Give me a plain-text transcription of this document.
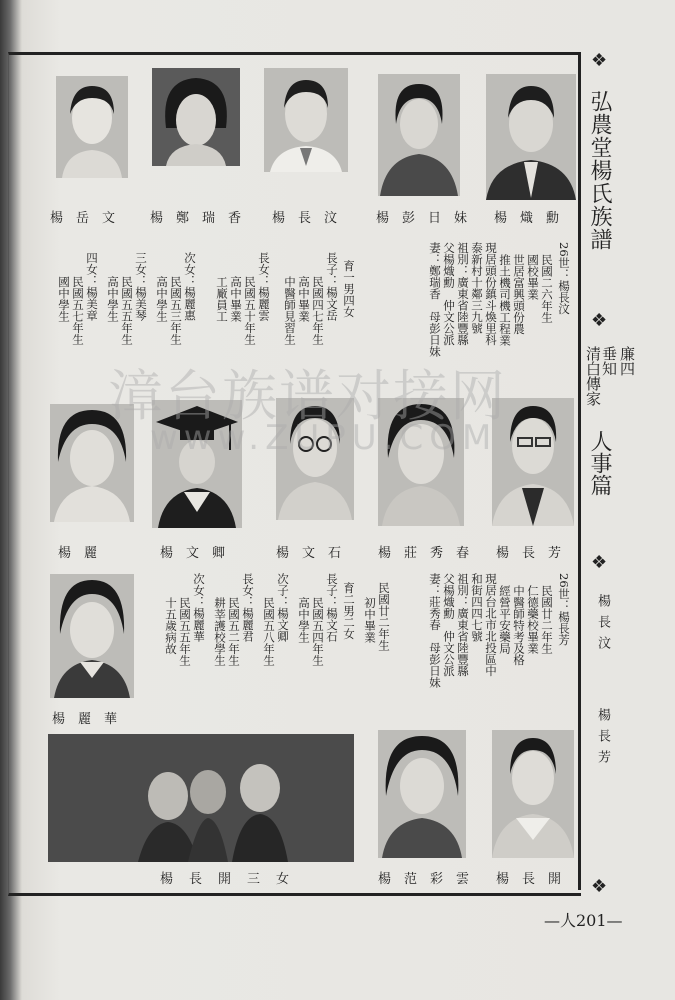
楊岳文 楊鄭瑞香 楊長汶 楊彭日妹 楊熾勳
26世：楊長汶
民國二六年生
國校畢業
世居富興頭份農
推土機司機工程業
現居頭份鎮斗煥里科
泰新村十鄰三九號
祖別：廣東省陸豐縣
父楊熾勳　仲文公派
妻：鄭瑞香　母彭日妹
育一男四女
長子：楊文岳
民國四七年生
高中畢業
中醫師見習生
長女：楊麗雲
民國五十年生
高中畢業
工廠員工
次女：楊麗惠
民國五三年生
高中學生
三女：楊美琴
民國五五年生
高中學生
四女：楊美章
民國五七年生
國中學生
楊長芳
楊莊秀春
楊文石
楊文卿
楊麗
26世：楊長芳
民國廿二年生
仁德藥校畢業
中醫師特考及格
經營平安藥局
現居台北市北投區中
和街四四七號
祖別：廣東省陸豐縣
父楊熾勳　仲文公派
妻：莊秀春　母彭日妹
民國廿二年生
初中畢業
育二男二女
長子：楊文石
民國五四年生
高中學生
次子：楊文卿
民國五八年生
長女：楊麗君
民國五二年生
耕莘護校學生
次女：楊麗華
民國五五年生
十五歲病故
楊麗華
楊長開
楊范彩雲
楊長開三女
❖
弘農堂楊氏族譜
❖
廉四
垂知
清白傳家
人事篇
❖
楊長汶
楊長芳
❖
漳台族谱对接网
www.ZUPU.COM
—人201—
